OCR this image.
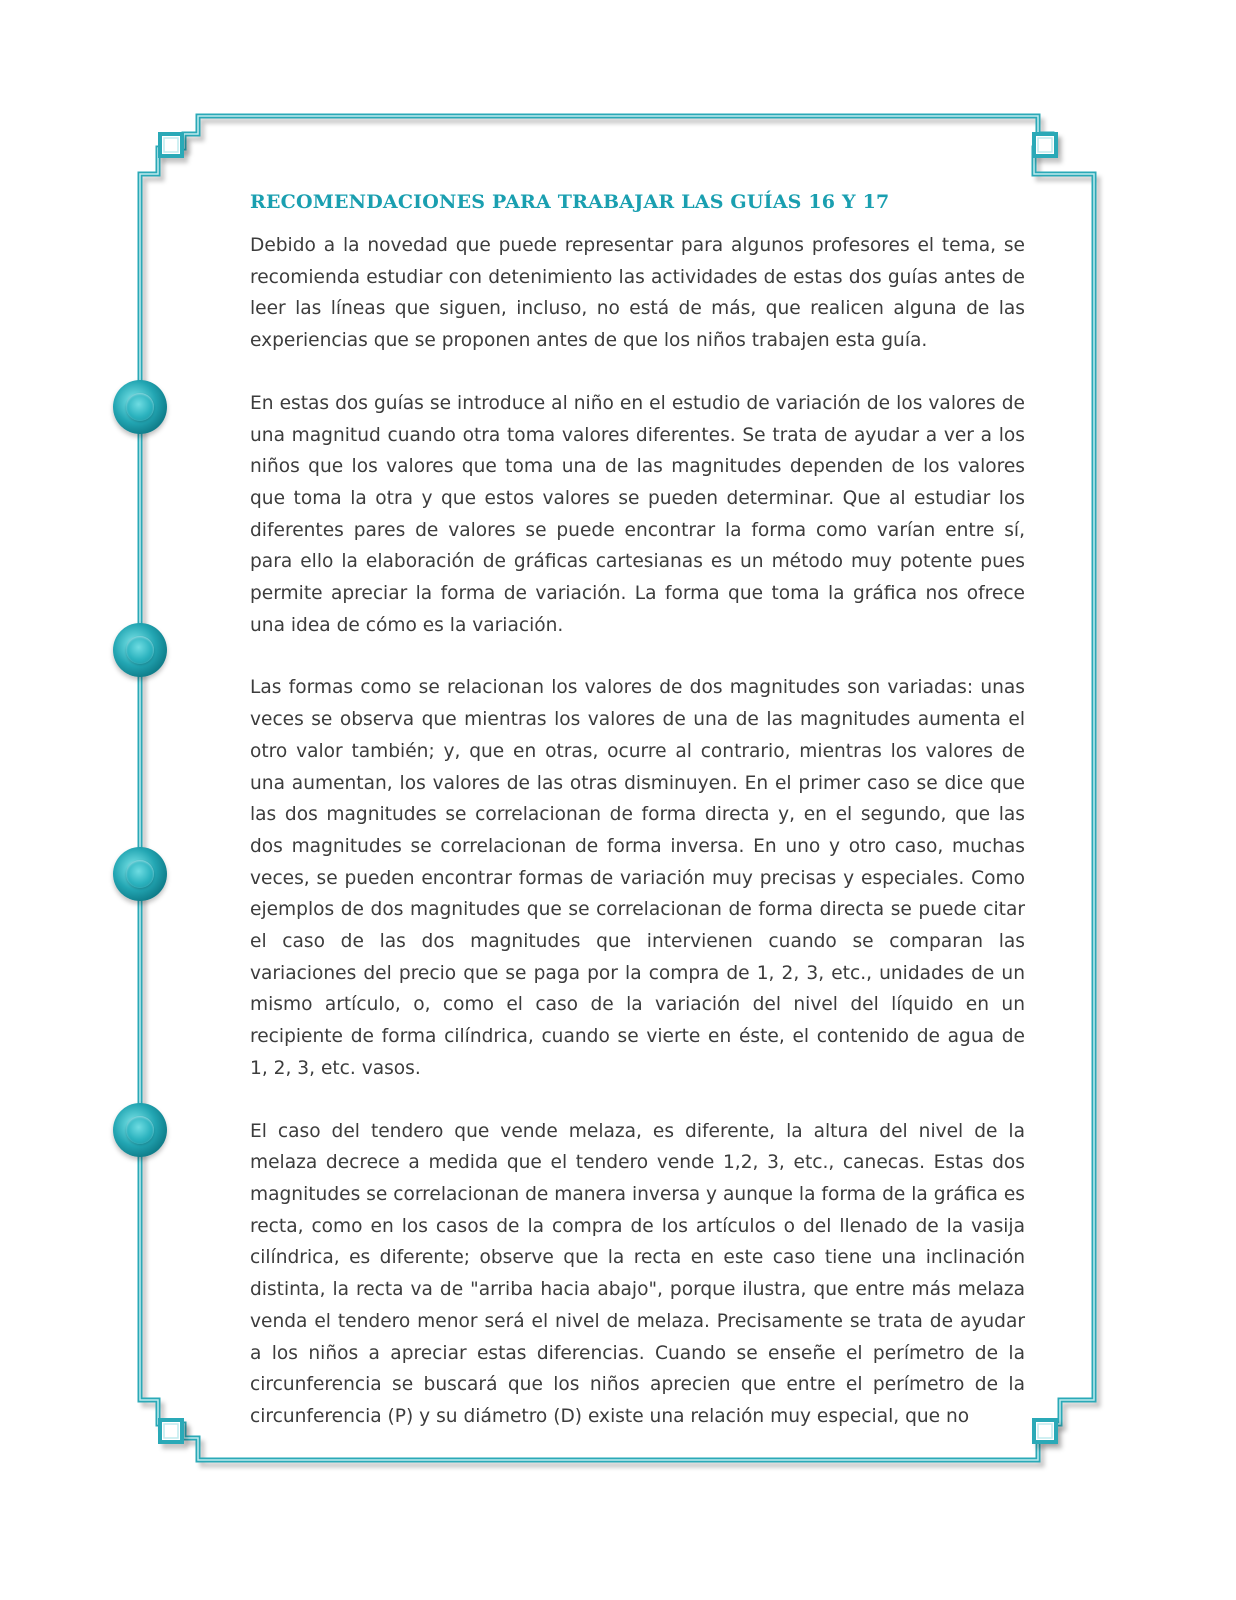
RECOMENDACIONES PARA TRABAJAR LAS GUÍAS 16 Y 17

Debido a la novedad que puede representar para algunos profesores el tema, se recomienda estudiar con detenimiento las actividades de estas dos guías antes de leer las líneas que siguen, incluso, no está de más, que realicen alguna de las experiencias que se proponen antes de que los niños trabajen esta guía.

En estas dos guías se introduce al niño en el estudio de variación de los valores de una magnitud cuando otra toma valores diferentes. Se trata de ayudar a ver a los niños que los valores que toma una de las magnitudes dependen de los valores que toma la otra y que estos valores se pueden determinar. Que al estudiar los diferentes pares de valores se puede encontrar la forma como varían entre sí, para ello la elaboración de gráficas cartesianas es un método muy potente pues permite apreciar la forma de variación. La forma que toma la gráfica nos ofrece una idea de cómo es la variación.

Las formas como se relacionan los valores de dos magnitudes son variadas: unas veces se observa que mientras los valores de una de las magnitudes aumenta el otro valor también; y, que en otras, ocurre al contrario, mientras los valores de una aumentan, los valores de las otras disminuyen. En el primer caso se dice que las dos magnitudes se correlacionan de forma directa y, en el segundo, que las dos magnitudes se correlacionan de forma inversa. En uno y otro caso, muchas veces, se pueden encontrar formas de variación muy precisas y especiales. Como ejemplos de dos magnitudes que se correlacionan de forma directa se puede citar el caso de las dos magnitudes que intervienen cuando se comparan las variaciones del precio que se paga por la compra de 1, 2, 3, etc., unidades de un mismo artículo, o, como el caso de la variación del nivel del líquido en un recipiente de forma cilíndrica, cuando se vierte en éste, el contenido de agua de 1, 2, 3, etc. vasos.

El caso del tendero que vende melaza, es diferente, la altura del nivel de la melaza decrece a medida que el tendero vende 1,2, 3, etc., canecas. Estas dos magnitudes se correlacionan de manera inversa y aunque la forma de la gráfica es recta, como en los casos de la compra de los artículos o del llenado de la vasija cilíndrica, es diferente; observe que la recta en este caso tiene una inclinación distinta, la recta va de "arriba hacia abajo", porque ilustra, que entre más melaza venda el tendero menor será el nivel de melaza. Precisamente se trata de ayudar a los niños a apreciar estas diferencias. Cuando se enseñe el perímetro de la circunferencia se buscará que los niños aprecien que entre el perímetro de la circunferencia (P) y su diámetro (D) existe una relación muy especial, que no
